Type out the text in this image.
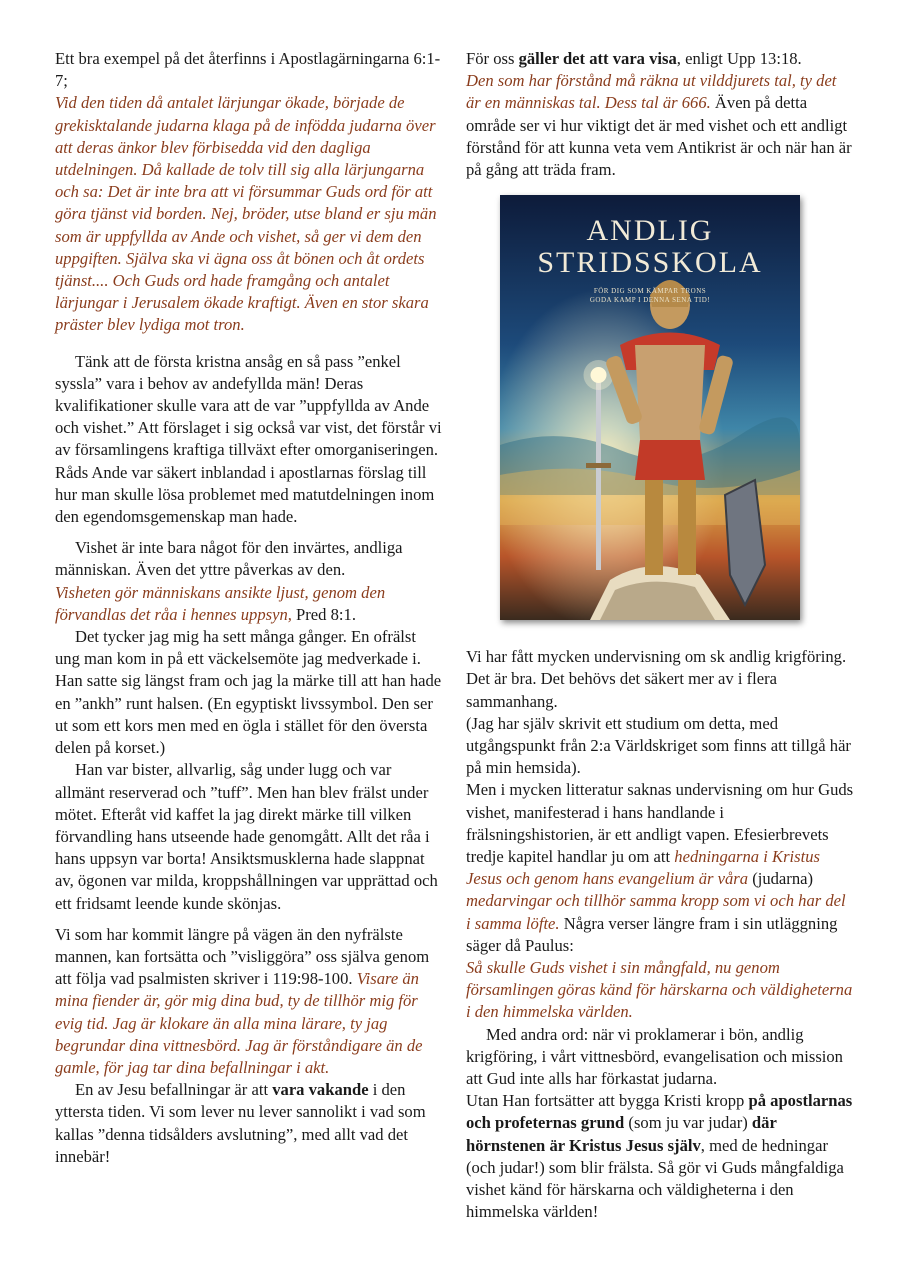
Ett bra exempel på det återfinns i Apostlagärningarna 6:1-7;
Vid den tiden då antalet lärjungar ökade, började de grekisktalande judarna klaga på de infödda judarna över att deras änkor blev förbisedda vid den dagliga utdelningen. Då kallade de tolv till sig alla lärjungarna och sa: Det är inte bra att vi försummar Guds ord för att göra tjänst vid borden. Nej, bröder, utse bland er sju män som är uppfyllda av Ande och vishet, så ger vi dem den uppgiften. Själva ska vi ägna oss åt bönen och åt ordets tjänst.... Och Guds ord hade framgång och antalet lärjungar i Jerusalem ökade kraftigt. Även en stor skara präster blev lydiga mot tron.

Tänk att de första kristna ansåg en så pass ”enkel syssla” vara i behov av andefyllda män! Deras kvalifikationer skulle vara att de var ”uppfyllda av Ande och vishet.” Att förslaget i sig också var vist, det förstår vi av församlingens kraftiga tillväxt efter omorganiseringen. Råds Ande var säkert inblandad i apostlarnas förslag till hur man skulle lösa problemet med matutdelningen inom den egendomsgemenskap man hade.

Vishet är inte bara något för den invärtes, andliga människan. Även det yttre påverkas av den.
Visheten gör människans ansikte ljust, genom den förvandlas det råa i hennes uppsyn, Pred 8:1.

Det tycker jag mig ha sett många gånger. En ofrälst ung man kom in på ett väckelsemöte jag medverkade i. Han satte sig längst fram och jag la märke till att han hade en ”ankh” runt halsen. (En egyptiskt livssymbol. Den ser ut som ett kors men med en ögla i stället för den översta delen på korset.)

Han var bister, allvarlig, såg under lugg och var allmänt reserverad och ”tuff”. Men han blev frälst under mötet. Efteråt vid kaffet la jag direkt märke till vilken förvandling hans utseende hade genomgått. Allt det råa i hans uppsyn var borta! Ansiktsmusklerna hade slappnat av, ögonen var milda, kroppshållningen var upprättad och ett fridsamt leende kunde skönjas.

Vi som har kommit längre på vägen än den nyfrälste mannen, kan fortsätta och ”visliggöra” oss själva genom att följa vad psalmisten skriver i 119:98-100. Visare än mina fiender är, gör mig dina bud, ty de tillhör mig för evig tid. Jag är klokare än alla mina lärare, ty jag begrundar dina vittnesbörd. Jag är förståndigare än de gamle, för jag tar dina befallningar i akt.

En av Jesu befallningar är att vara vakande i den yttersta tiden. Vi som lever nu lever sannolikt i vad som kallas ”denna tidsålders avslutning”, med allt vad det innebär!

För oss gäller det att vara visa, enligt Upp 13:18.
Den som har förstånd må räkna ut vilddjurets tal, ty det är en människas tal. Dess tal är 666. Även på detta område ser vi hur viktigt det är med vishet och ett andligt förstånd för att kunna veta vem Antikrist är och när han är på gång att träda fram.

ANDLIG
STRIDSSKOLA
FÖR DIG SOM KÄMPAR TRONS
GODA KAMP I DENNA SENA TID!

Vi har fått mycken undervisning om sk andlig krigföring. Det är bra. Det behövs det säkert mer av i flera sammanhang.

(Jag har själv skrivit ett studium om detta, med utgångspunkt från 2:a Världskriget som finns att tillgå här på min hemsida).

Men i mycken litteratur saknas undervisning om hur Guds vishet, manifesterad i hans handlande i frälsningshistorien, är ett andligt vapen. Efesierbrevets tredje kapitel handlar ju om att hedningarna i Kristus Jesus och genom hans evangelium är våra (judarna) medarvingar och tillhör samma kropp som vi och har del i samma löfte. Några verser längre fram i sin utläggning säger då Paulus:

Så skulle Guds vishet i sin mångfald, nu genom församlingen göras känd för härskarna och väldigheterna i den himmelska världen.

Med andra ord: när vi proklamerar i bön, andlig krigföring, i vårt vittnesbörd, evangelisation och mission att Gud inte alls har förkastat judarna.

Utan Han fortsätter att bygga Kristi kropp på apostlarnas och profeternas grund (som ju var judar) där hörnstenen är Kristus Jesus själv, med de hedningar (och judar!) som blir frälsta. Så gör vi Guds mångfaldiga vishet känd för härskarna och väldigheterna i den himmelska världen!
